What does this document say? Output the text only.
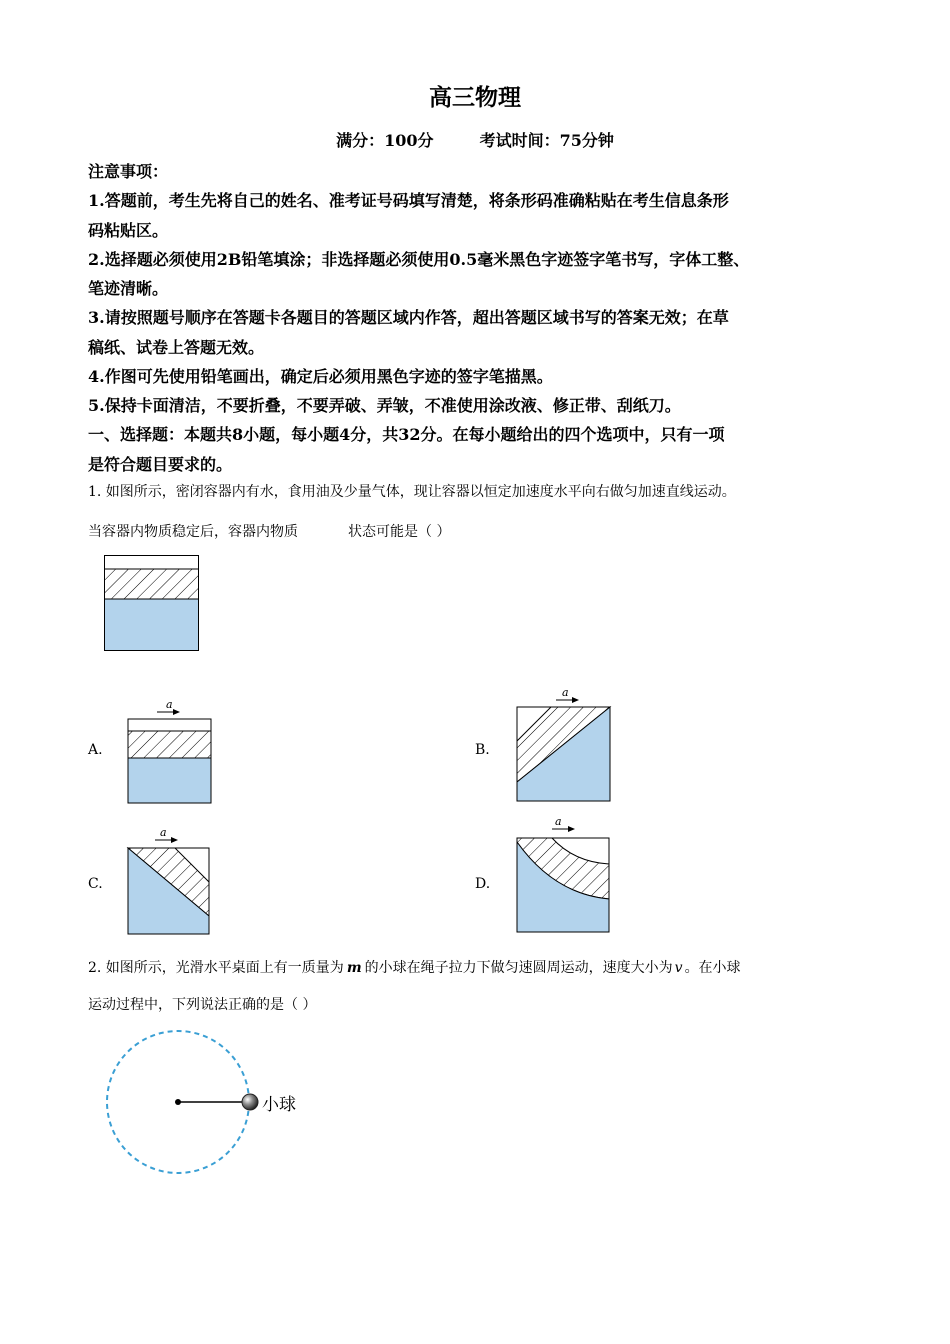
高三物理
满分：100分	考试时间：75分钟
注意事项：
1.答题前，考生先将自己的姓名、准考证号码填写清楚，将条形码准确粘贴在考生信息条形
码粘贴区。
2.选择题必须使用2B铅笔填涂；非选择题必须使用0.5毫米黑色字迹签字笔书写，字体工整、
笔迹清晰。
3.请按照题号顺序在答题卡各题目的答题区域内作答，超出答题区域书写的答案无效；在草
稿纸、试卷上答题无效。
4.作图可先使用铅笔画出，确定后必须用黑色字迹的签字笔描黑。
5.保持卡面清洁，不要折叠，不要弄破、弄皱，不准使用涂改液、修正带、刮纸刀。
一、选择题：本题共8小题，每小题4分，共32分。在每小题给出的四个选项中，只有一项
是符合题目要求的。
1. 如图所示，密闭容器内有水，食用油及少量气体，现让容器以恒定加速度水平向右做匀加速直线运动。
当容器内物质稳定后，容器内物质	状态可能是（ ）
A.
a
B.
a
C.
a
D.
a
2. 如图所示，光滑水平桌面上有一质量为 m 的小球在绳子拉力下做匀速圆周运动，速度大小为 v 。在小球
运动过程中，下列说法正确的是（ ）
小球
